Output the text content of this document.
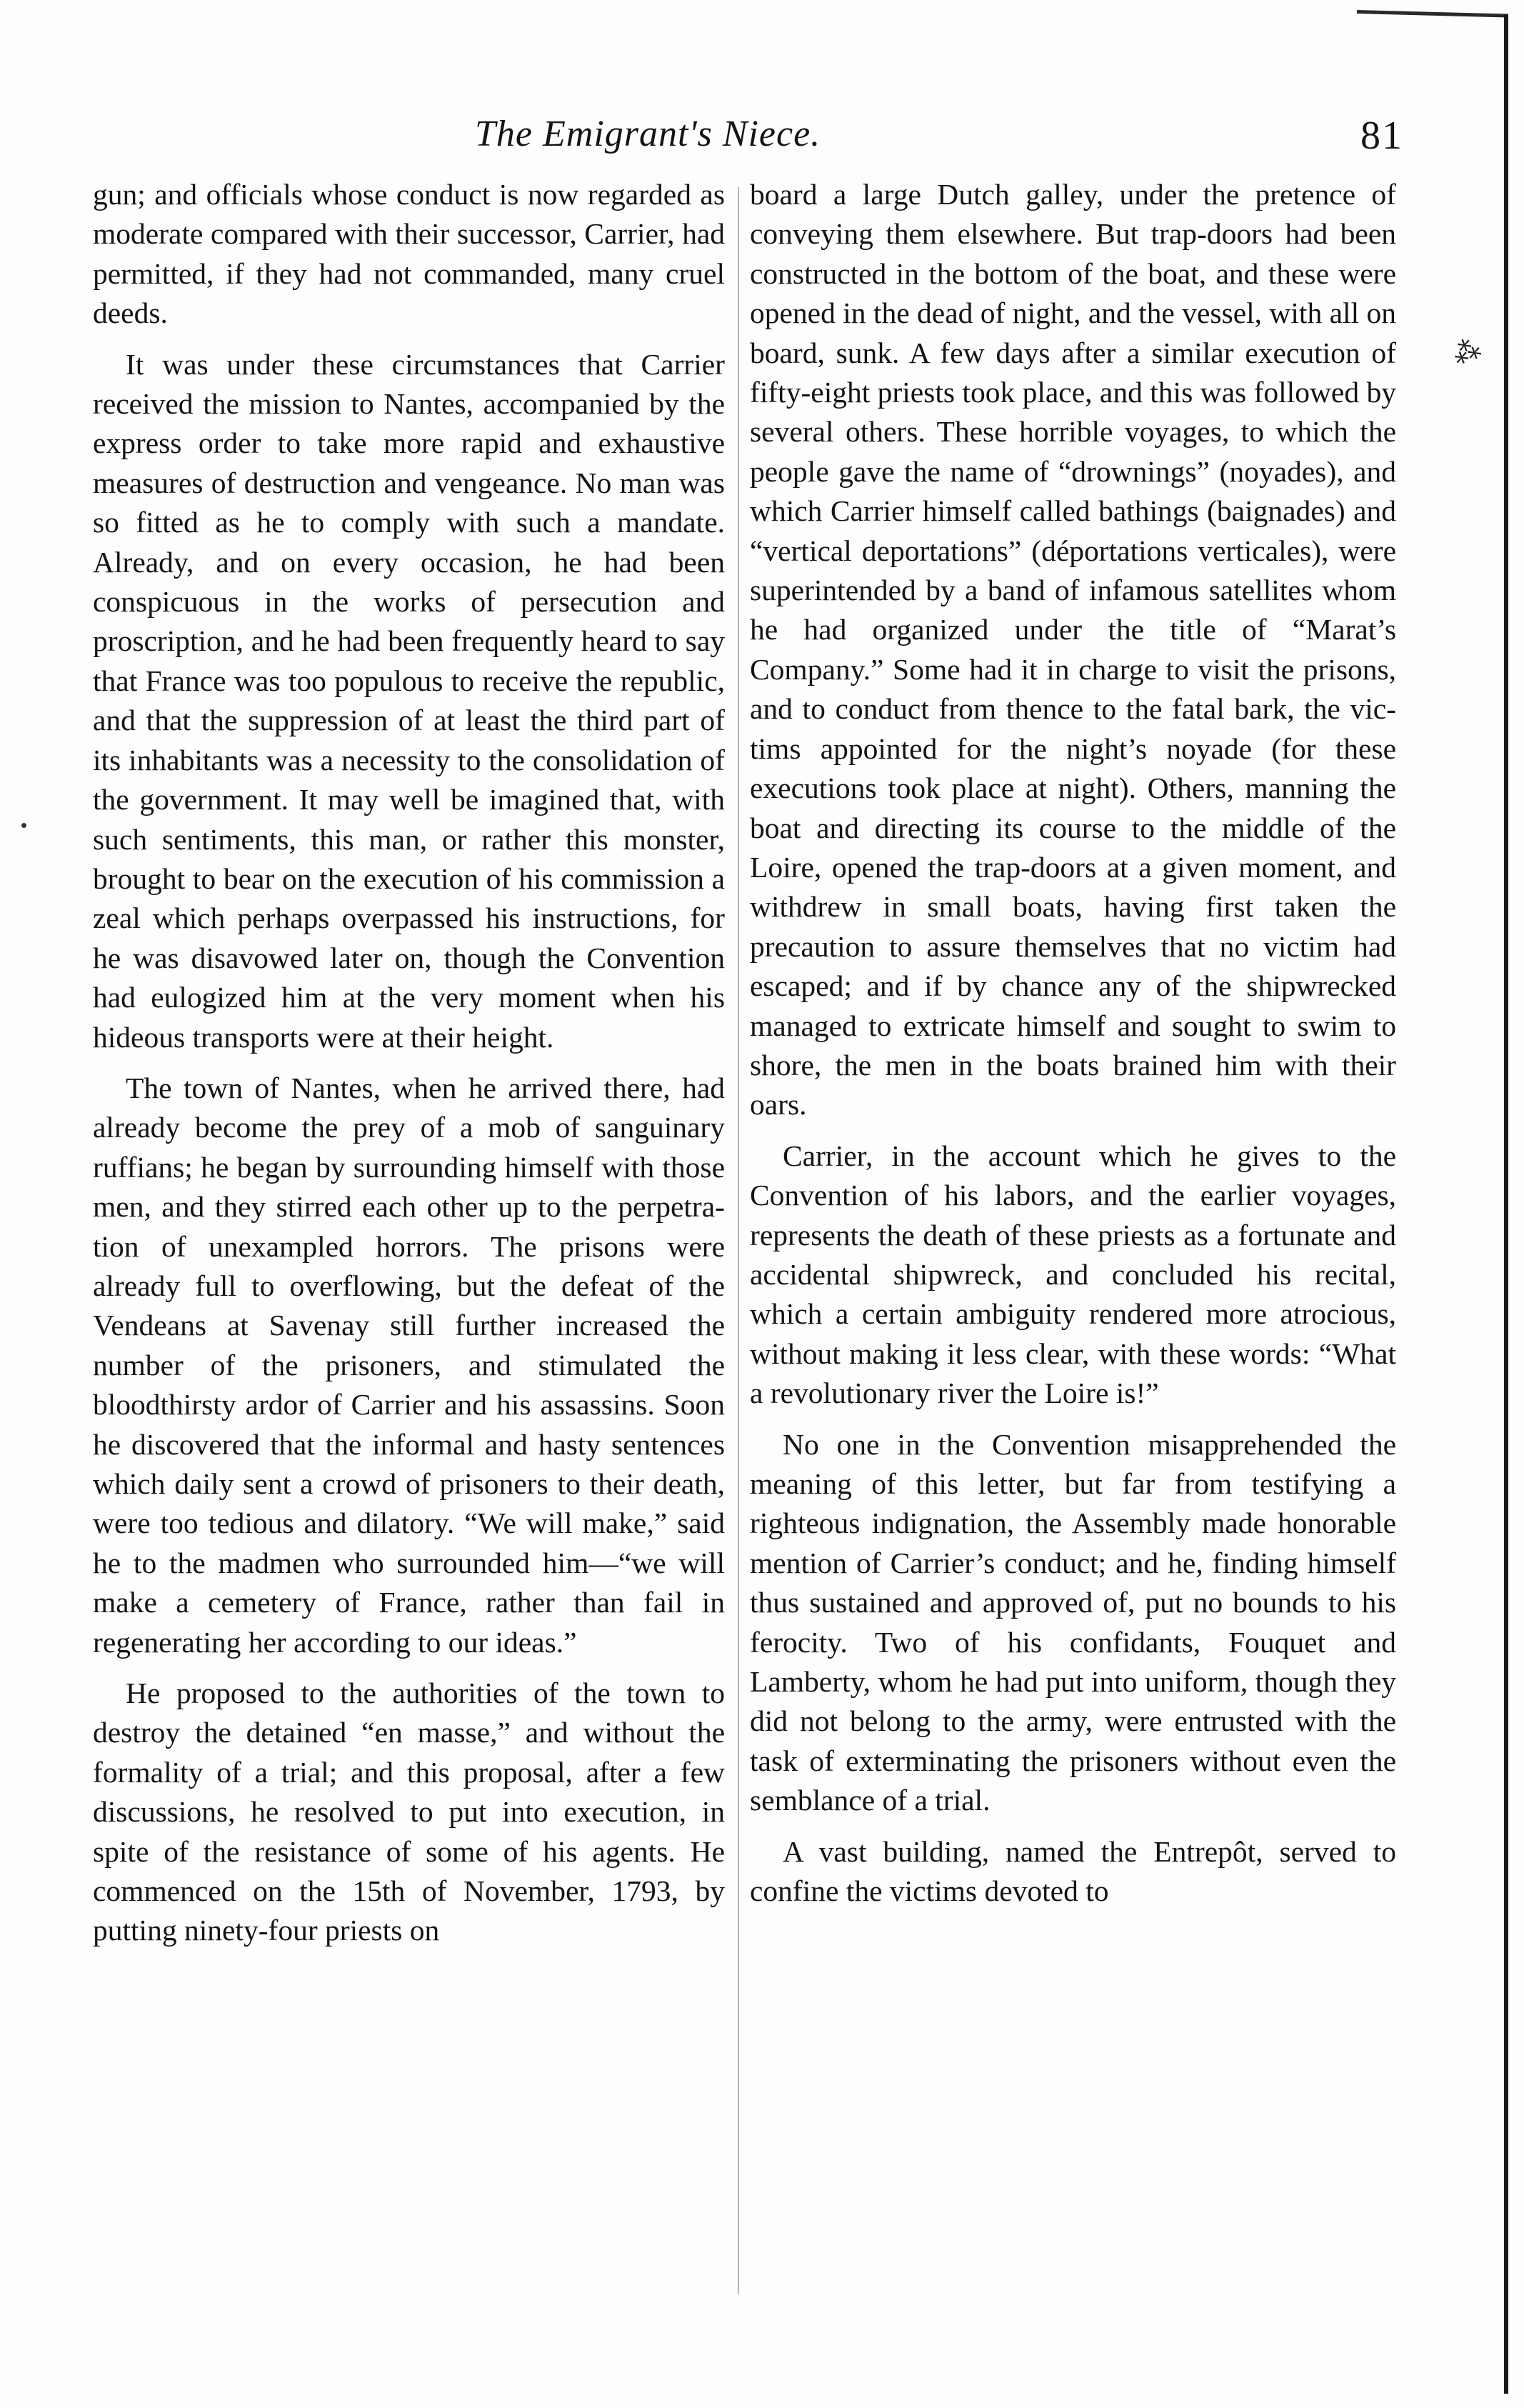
The Emigrant's Niece.	81

gun; and officials whose conduct is now regarded as moderate compared with their successor, Carrier, had permitted, if they had not commanded, many cruel deeds.

It was under these circumstances that Carrier received the mission to Nantes, accompanied by the express order to take more rapid and exhaustive measures of destruction and vengeance. No man was so fitted as he to comply with such a mandate. Already, and on every occasion, he had been conspicuous in the works of persecution and proscription, and he had been frequently heard to say that France was too populous to receive the republic, and that the suppression of at least the third part of its inhabitants was a necessity to the consolidation of the government. It may well be imagined that, with such sentiments, this man, or rather this monster, brought to bear on the execution of his commission a zeal which perhaps overpassed his instructions, for he was disavowed later on, though the Convention had eulogized him at the very moment when his hideous transports were at their height.

The town of Nantes, when he arrived there, had already become the prey of a mob of sanguinary ruffians; he began by surrounding himself with those men, and they stirred each other up to the perpetration of unexampled horrors. The prisons were already full to overflowing, but the defeat of the Vendeans at Savenay still further increased the number of the prisoners, and stimulated the bloodthirsty ardor of Carrier and his assassins. Soon he discovered that the informal and hasty sentences which daily sent a crowd of prisoners to their death, were too tedious and dilatory. “We will make,” said he to the madmen who surrounded him—“we will make a cemetery of France, rather than fail in regenerating her according to our ideas.”

He proposed to the authorities of the town to destroy the detained “en masse,” and without the formality of a trial; and this proposal, after a few discussions, he resolved to put into execution, in spite of the resistance of some of his agents. He commenced on the 15th of November, 1793, by putting ninety-four priests on

board a large Dutch galley, under the pretence of conveying them elsewhere. But trap-doors had been constructed in the bottom of the boat, and these were opened in the dead of night, and the vessel, with all on board, sunk. A few days after a similar execution of fifty-eight priests took place, and this was followed by several others. These horrible voyages, to which the people gave the name of “drownings” (noyades), and which Carrier himself called bathings (baignades) and “vertical deportations” (déportations verticales), were superintended by a band of infamous satellites whom he had organized under the title of “Marat’s Company.” Some had it in charge to visit the prisons, and to conduct from thence to the fatal bark, the victims appointed for the night’s noyade (for these executions took place at night). Others, manning the boat and directing its course to the middle of the Loire, opened the trap-doors at a given moment, and withdrew in small boats, having first taken the precaution to assure themselves that no victim had escaped; and if by chance any of the shipwrecked managed to extricate himself and sought to swim to shore, the men in the boats brained him with their oars.

Carrier, in the account which he gives to the Convention of his labors, and the earlier voyages, represents the death of these priests as a fortunate and accidental shipwreck, and concluded his recital, which a certain ambiguity rendered more atrocious, without making it less clear, with these words: “What a revolutionary river the Loire is!”

No one in the Convention misapprehended the meaning of this letter, but far from testifying a righteous indignation, the Assembly made honorable mention of Carrier’s conduct; and he, finding himself thus sustained and approved of, put no bounds to his ferocity. Two of his confidants, Fouquet and Lamberty, whom he had put into uniform, though they did not belong to the army, were entrusted with the task of exterminating the prisoners without even the semblance of a trial.

A vast building, named the Entrepôt, served to confine the victims devoted to

⁂
